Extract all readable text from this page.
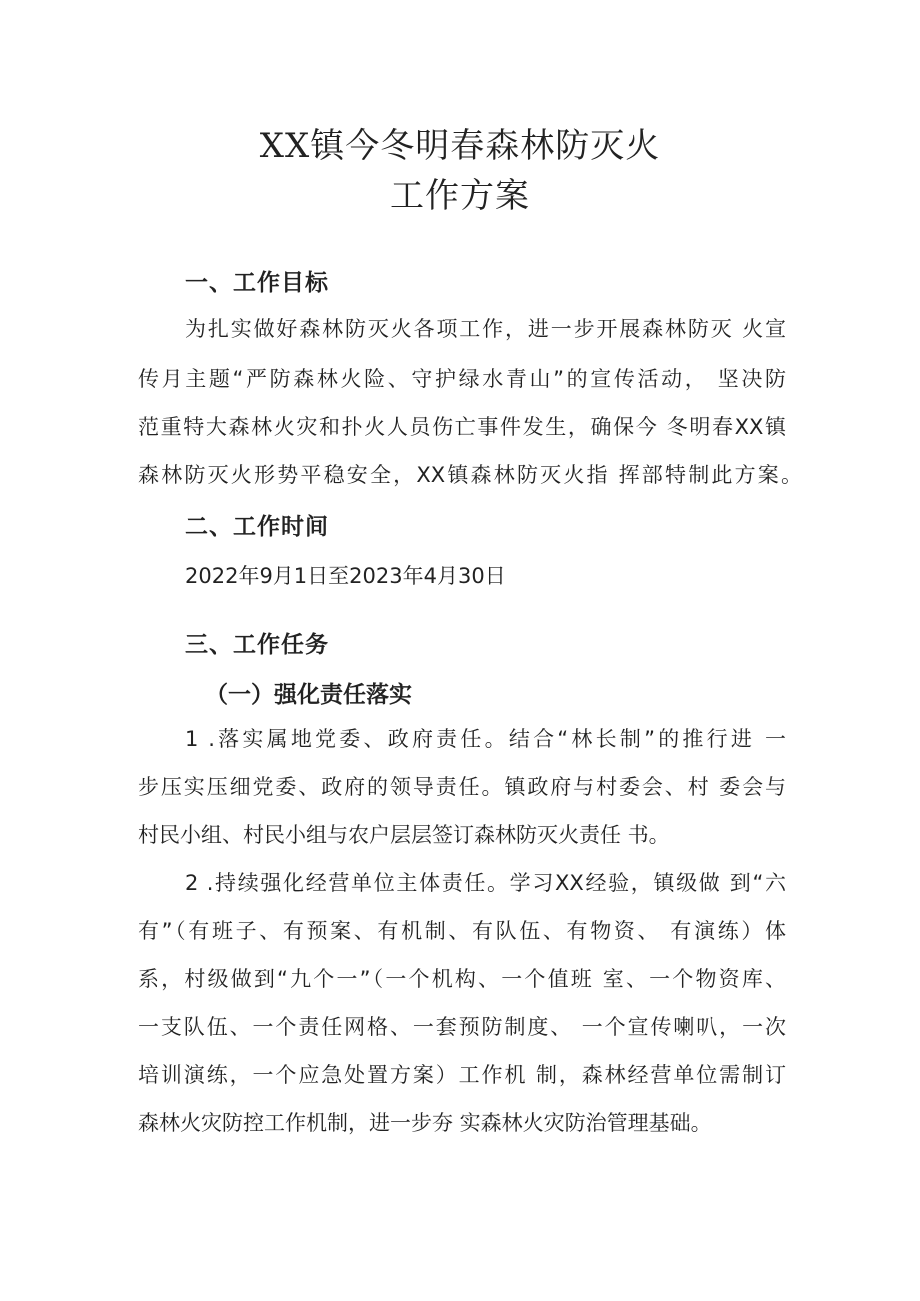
XX镇今冬明春森林防灭火
工作方案
一、工作目标
为扎实做好森林防灭火各项工作，进一步开展森林防灭 火宣
传月主题“严防森林火险、守护绿水青山”的宣传活动， 坚决防
范重特大森林火灾和扑火人员伤亡事件发生，确保今 冬明春XX镇
森林防灭火形势平稳安全，XX镇森林防灭火指 挥部特制此方案。
二、工作时间
2022年9月1日至2023年4月30日
三、工作任务
（一）强化责任落实
1 .落实属地党委、政府责任。结合“林长制”的推行进 一
步压实压细党委、政府的领导责任。镇政府与村委会、村 委会与
村民小组、村民小组与农户层层签订森林防灭火责任 书。
2 .持续强化经营单位主体责任。学习XX经验，镇级做 到“六
有”（有班子、有预案、有机制、有队伍、有物资、 有演练）体
系，村级做到“九个一”（一个机构、一个值班 室、一个物资库、
一支队伍、一个责任网格、一套预防制度、 一个宣传喇叭，一次
培训演练，一个应急处置方案）工作机 制，森林经营单位需制订
森林火灾防控工作机制，进一步夯 实森林火灾防治管理基础。
